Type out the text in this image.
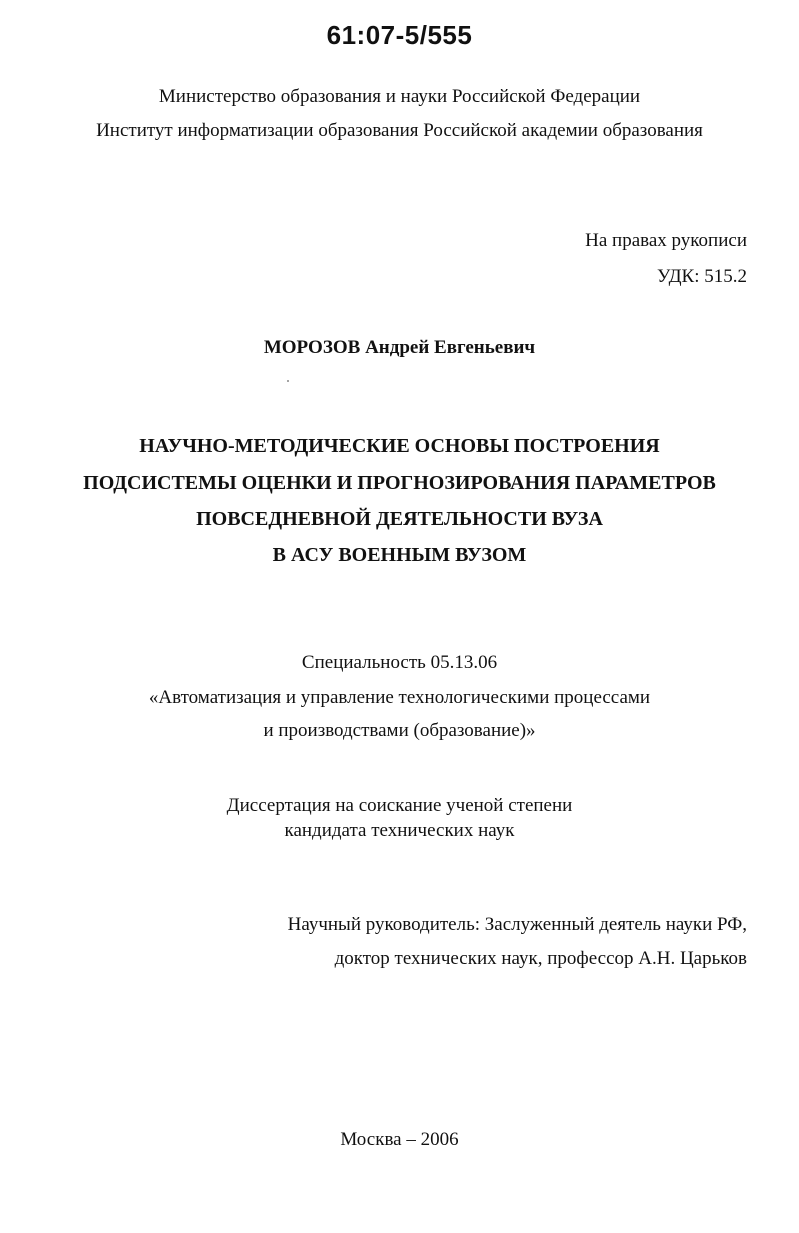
61:07-5/555
Министерство образования и науки Российской Федерации
Институт информатизации образования Российской академии образования
На правах рукописи
УДК: 515.2
МОРОЗОВ Андрей Евгеньевич
НАУЧНО-МЕТОДИЧЕСКИЕ ОСНОВЫ ПОСТРОЕНИЯ
ПОДСИСТЕМЫ ОЦЕНКИ И ПРОГНОЗИРОВАНИЯ ПАРАМЕТРОВ
ПОВСЕДНЕВНОЙ ДЕЯТЕЛЬНОСТИ ВУЗА
В АСУ ВОЕННЫМ ВУЗОМ
Специальность 05.13.06
«Автоматизация и управление технологическими процессами
и производствами (образование)»
Диссертация на соискание ученой степени
кандидата технических наук
Научный руководитель: Заслуженный деятель науки РФ,
доктор технических наук, профессор А.Н. Царьков
Москва – 2006
